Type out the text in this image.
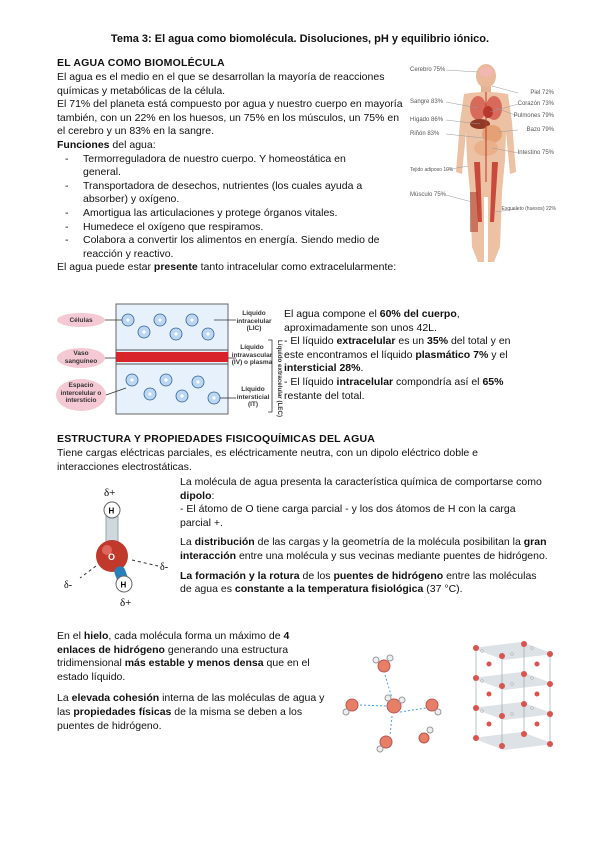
Tema 3: El agua como biomolécula. Disoluciones, pH y equilibrio iónico.
EL AGUA COMO BIOMOLÉCULA

El agua es el medio en el que se desarrollan la mayoría de reacciones químicas y metabólicas de la célula.

El 71% del planeta está compuesto por agua y nuestro cuerpo en mayoría también, con un 22% en los huesos, un 75% en los músculos, un 75% en el cerebro y un 83% en la sangre.

Funciones del agua:

- Termorreguladora de nuestro cuerpo. Y homeostática en general.
- Transportadora de desechos, nutrientes (los cuales ayuda a absorber) y oxígeno.
- Amortigua las articulaciones y protege órganos vitales.
- Humedece el oxígeno que respiramos.
- Colabora a convertir los alimentos en energía. Siendo medio de reacción y reactivo.

El agua puede estar presente tanto intracelular como extracelularmente:

Cerebro 75%
Sangre 83%
Hígado 86%
Riñón 83%
Tejido adiposo 10%
Músculo 75%
Piel 72%
Corazón 73%
Pulmones 79%
Bazo 79%
Intestino 75%
Esqueleto (huesos) 22%
Células
Vaso sanguíneo
Espacio intercelular o intersticio
Líquido intracelular (LIC)
Líquido intravascular (IV) o plasma
Líquido intersticial (IT)	Líquido extracelular (LEC)

El agua compone el 60% del cuerpo,

aproximadamente son unos 42L.

- El líquido extracelular es un 35% del total y en

este encontramos el líquido plasmático 7% y el

intersticial 28%.

- El líquido intracelular compondría así el 65%

restante del total.

ESTRUCTURA Y PROPIEDADES FISICOQUÍMICAS DEL AGUA

Tiene cargas eléctricas parciales, es eléctricamente neutra, con un dipolo eléctrico doble e interacciones electrostáticas.

δ+
H
O
H
δ+
δ-
δ-

La molécula de agua presenta la característica química de comportarse como dipolo:

- El átomo de O tiene carga parcial - y los dos átomos de H con la carga parcial +.

La distribución de las cargas y la geometría de la molécula posibilitan la gran interacción entre una molécula y sus vecinas mediante puentes de hidrógeno.

La formación y la rotura de los puentes de hidrógeno entre las moléculas de agua es constante a la temperatura fisiológica (37 °C).

En el hielo, cada molécula forma un máximo de 4 enlaces de hidrógeno generando una estructura tridimensional más estable y menos densa que en el estado líquido.

La elevada cohesión interna de las moléculas de agua y las propiedades físicas de la misma se deben a los puentes de hidrógeno.
